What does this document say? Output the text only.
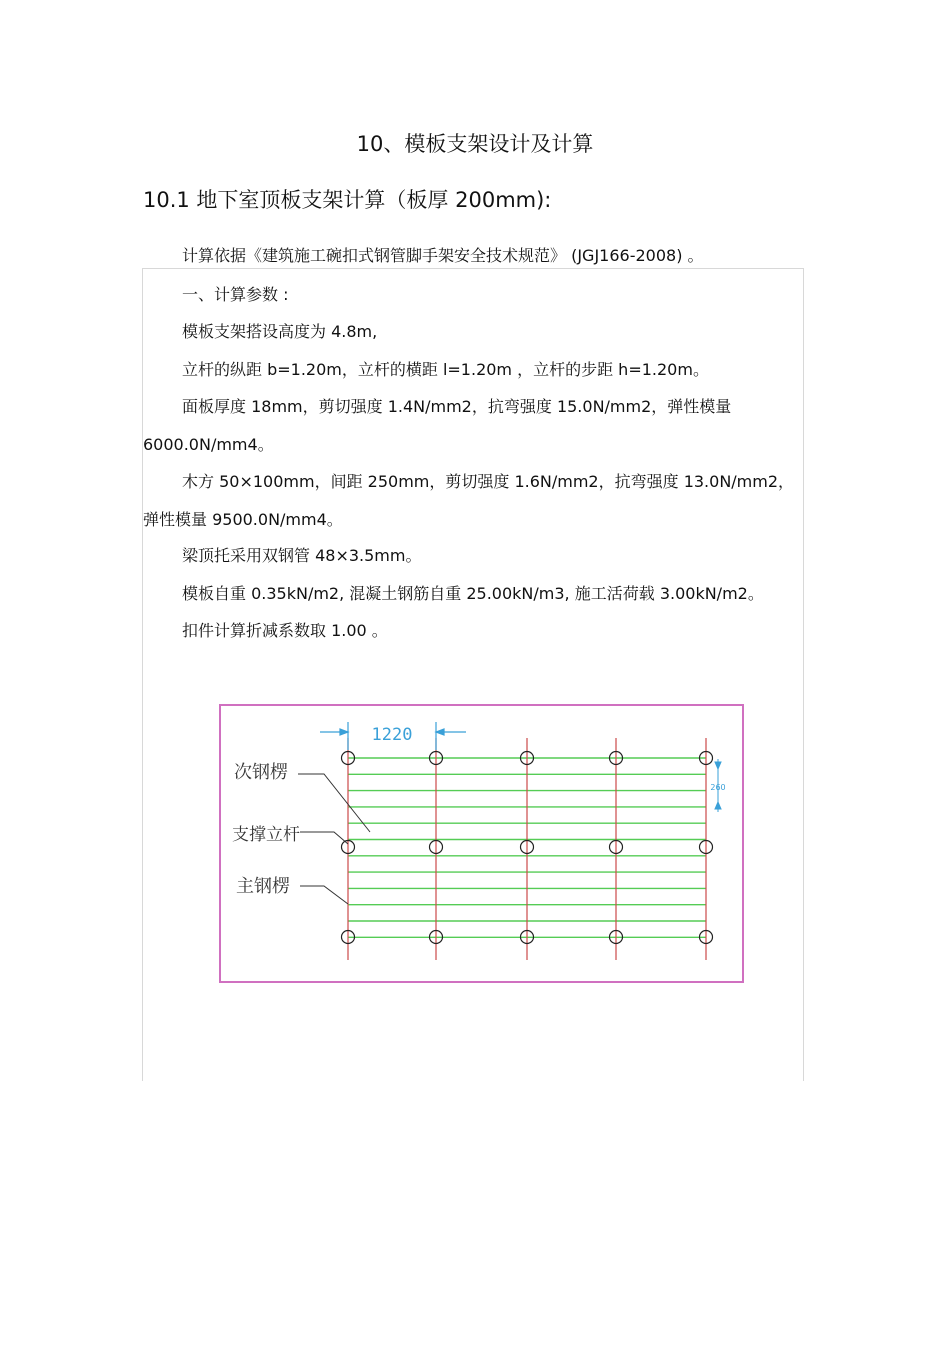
10、模板支架设计及计算
10.1 地下室顶板支架计算（板厚 200mm):
计算依据《建筑施工碗扣式钢管脚手架安全技术规范》 (JGJ166-2008) 。
一、计算参数 :
模板支架搭设高度为 4.8m,
立杆的纵距 b=1.20m，立杆的横距 l=1.20m ，立杆的步距 h=1.20m。
面板厚度 18mm，剪切强度 1.4N/mm2，抗弯强度 15.0N/mm2，弹性模量
6000.0N/mm4。
木方 50×100mm，间距 250mm，剪切强度 1.6N/mm2，抗弯强度 13.0N/mm2，
弹性模量 9500.0N/mm4。
梁顶托采用双钢管 48×3.5mm。
模板自重 0.35kN/m2, 混凝土钢筋自重 25.00kN/m3, 施工活荷载 3.00kN/m2。
扣件计算折减系数取 1.00 。
1220
260
次钢楞
支撑立杆
主钢楞
